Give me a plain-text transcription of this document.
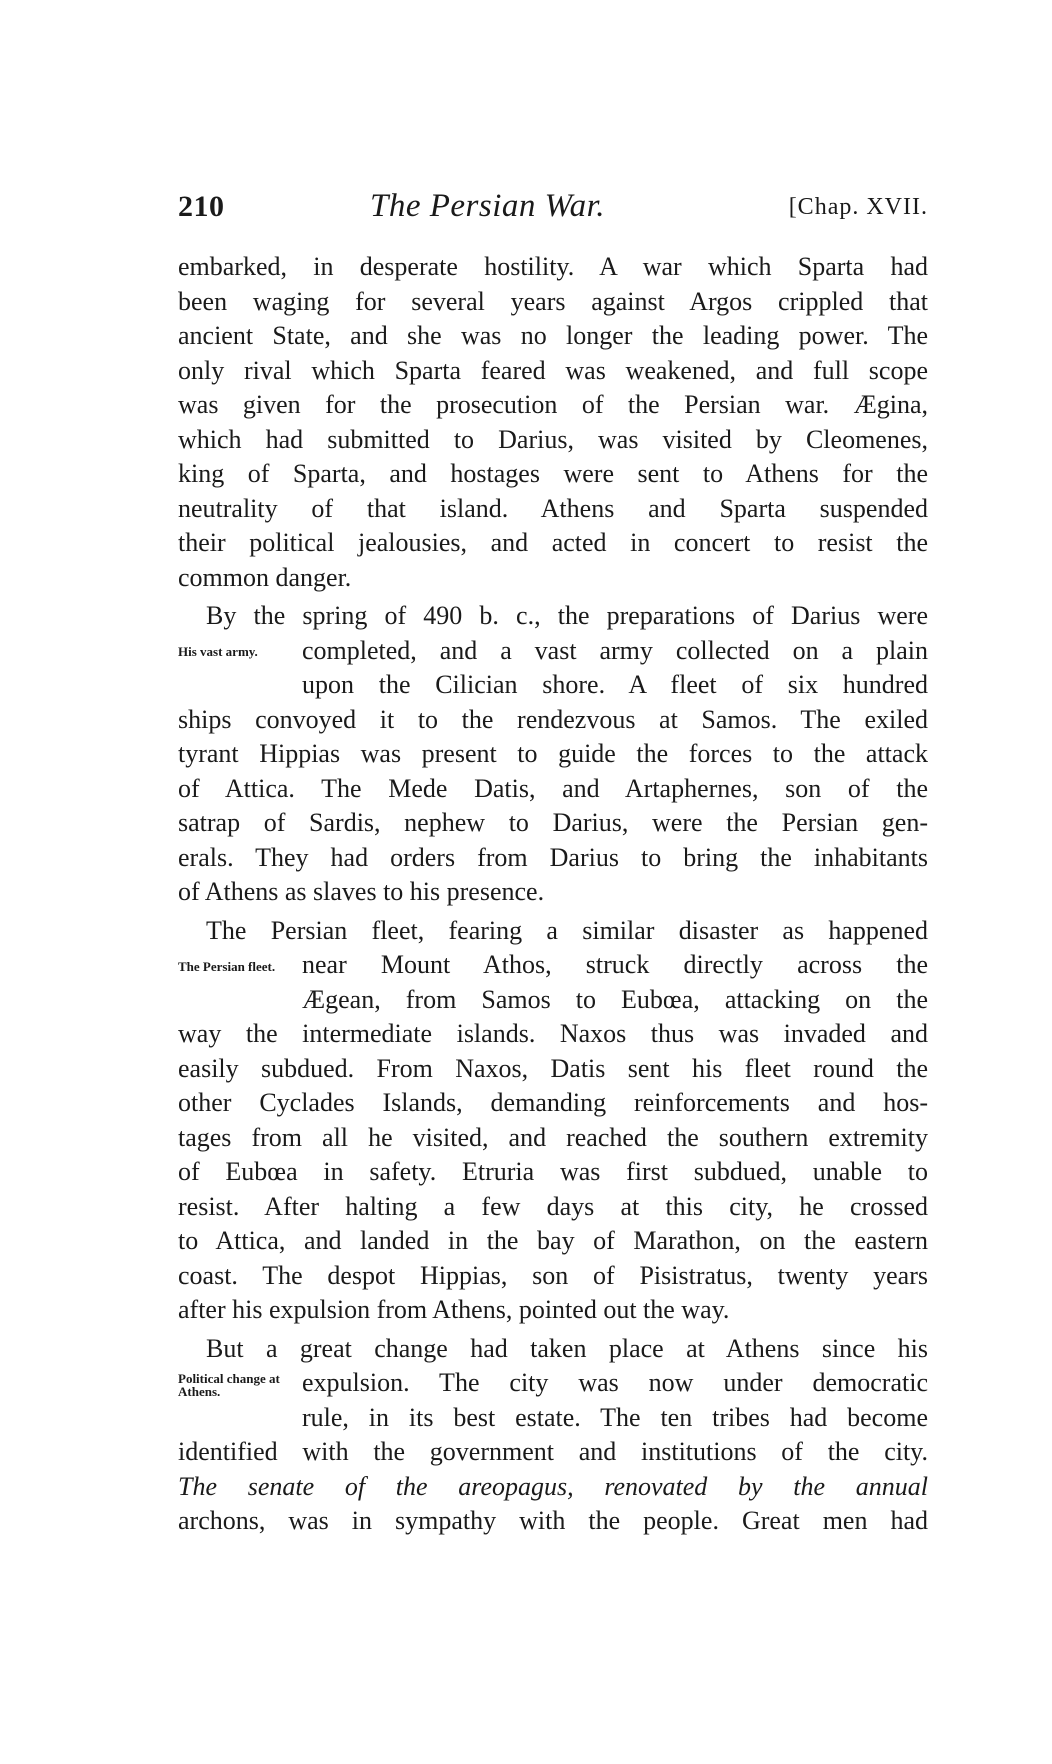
210	The Persian War.	[Chap. XVII.
embarked, in desperate hostility. A war which Sparta had
been waging for several years against Argos crippled that
ancient State, and she was no longer the leading power. The
only rival which Sparta feared was weakened, and full scope
was given for the prosecution of the Persian war. Ægina,
which had submitted to Darius, was visited by Cleomenes,
king of Sparta, and hostages were sent to Athens for the
neutrality of that island. Athens and Sparta suspended
their political jealousies, and acted in concert to resist the
common danger.
By the spring of 490 b. c., the preparations of Darius were
His vast army.	completed, and a vast army collected on a plain
upon the Cilician shore. A fleet of six hundred
ships convoyed it to the rendezvous at Samos. The exiled
tyrant Hippias was present to guide the forces to the attack
of Attica. The Mede Datis, and Artaphernes, son of the
satrap of Sardis, nephew to Darius, were the Persian gen-
erals. They had orders from Darius to bring the inhabitants
of Athens as slaves to his presence.
The Persian fleet, fearing a similar disaster as happened
The Persian fleet.	near Mount Athos, struck directly across the
Ægean, from Samos to Eubœa, attacking on the
way the intermediate islands. Naxos thus was invaded and
easily subdued. From Naxos, Datis sent his fleet round the
other Cyclades Islands, demanding reinforcements and hos-
tages from all he visited, and reached the southern extremity
of Eubœa in safety. Etruria was first subdued, unable to
resist. After halting a few days at this city, he crossed
to Attica, and landed in the bay of Marathon, on the eastern
coast. The despot Hippias, son of Pisistratus, twenty years
after his expulsion from Athens, pointed out the way.
But a great change had taken place at Athens since his
Political change at Athens.	expulsion. The city was now under democratic
rule, in its best estate. The ten tribes had become
identified with the government and institutions of the city.
The senate of the areopagus, renovated by the annual
archons, was in sympathy with the people. Great men had
